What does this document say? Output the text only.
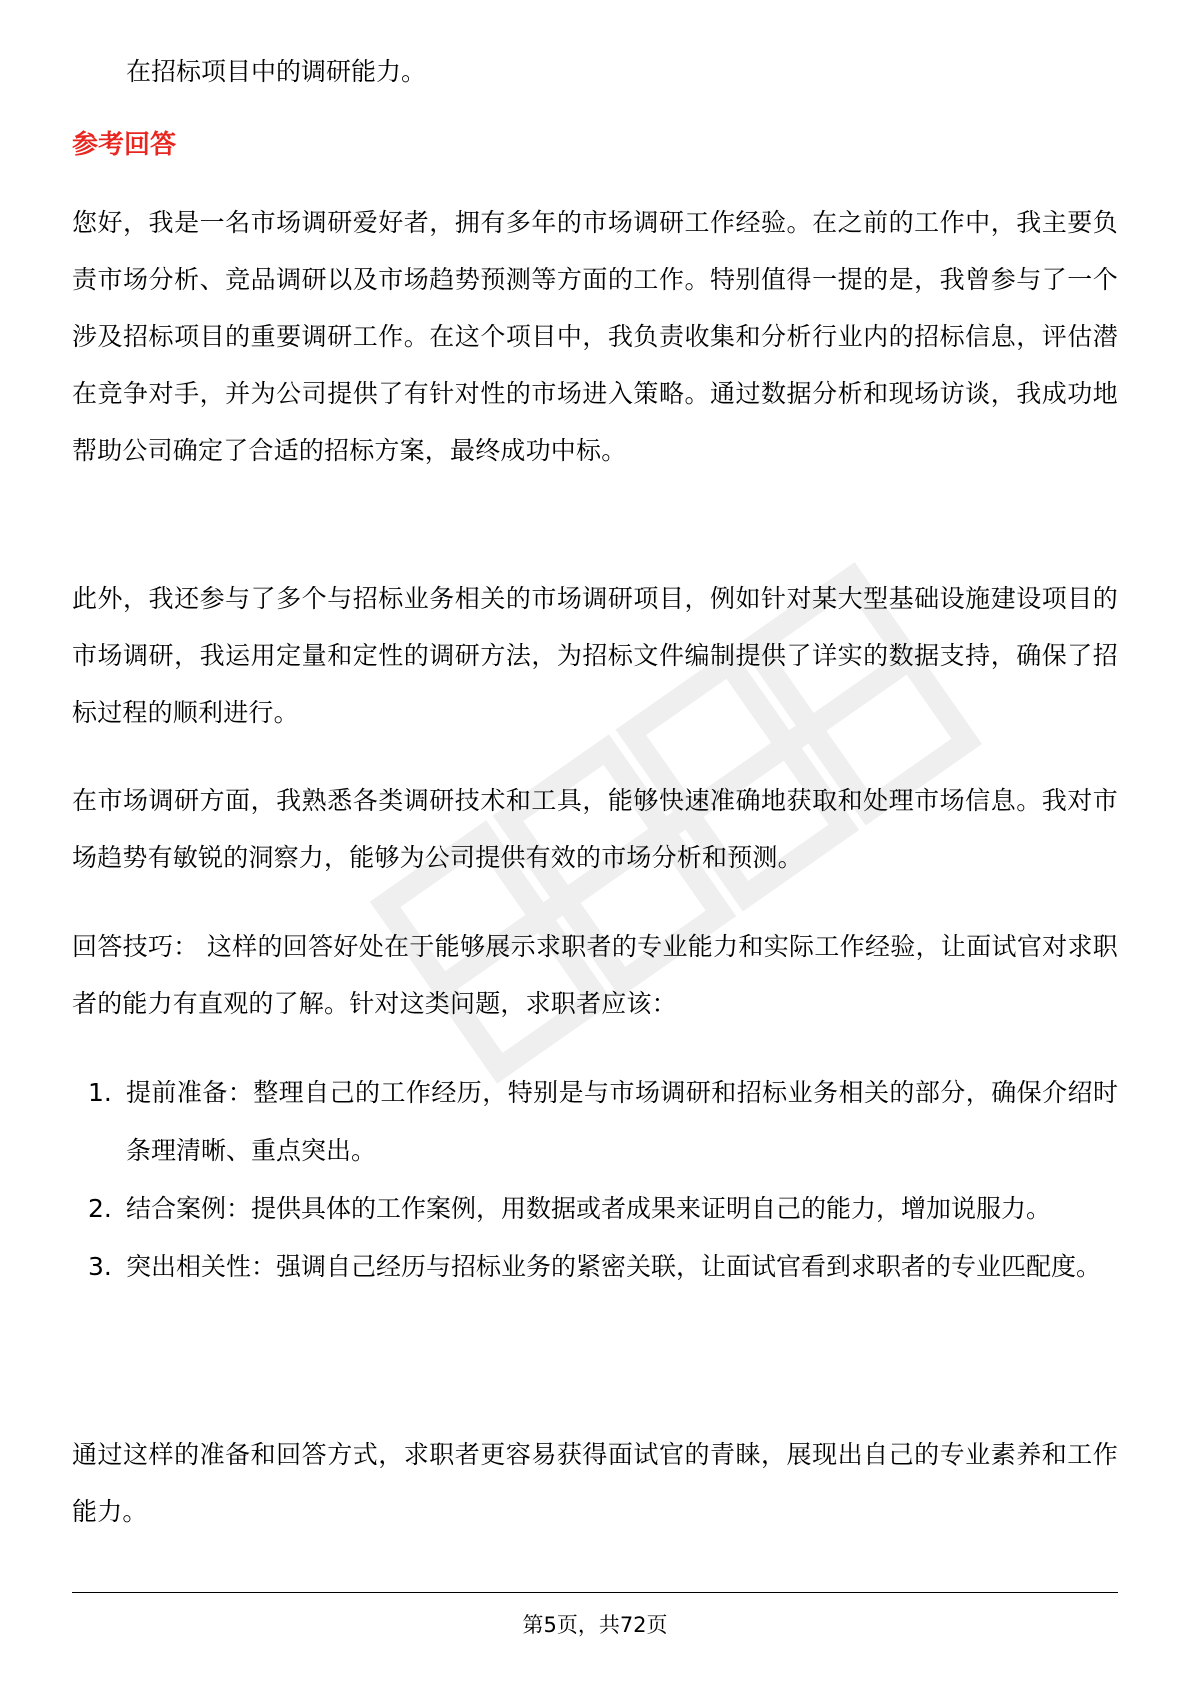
在招标项目中的调研能力。
参考回答
您好，我是一名市场调研爱好者，拥有多年的市场调研工作经验。在之前的工作中，我主要负责市场分析、竞品调研以及市场趋势预测等方面的工作。特别值得一提的是，我曾参与了一个涉及招标项目的重要调研工作。在这个项目中，我负责收集和分析行业内的招标信息，评估潜在竞争对手，并为公司提供了有针对性的市场进入策略。通过数据分析和现场访谈，我成功地帮助公司确定了合适的招标方案，最终成功中标。
此外，我还参与了多个与招标业务相关的市场调研项目，例如针对某大型基础设施建设项目的市场调研，我运用定量和定性的调研方法，为招标文件编制提供了详实的数据支持，确保了招标过程的顺利进行。
在市场调研方面，我熟悉各类调研技术和工具，能够快速准确地获取和处理市场信息。我对市场趋势有敏锐的洞察力，能够为公司提供有效的市场分析和预测。
回答技巧： 这样的回答好处在于能够展示求职者的专业能力和实际工作经验，让面试官对求职者的能力有直观的了解。针对这类问题，求职者应该：
1. 提前准备：整理自己的工作经历，特别是与市场调研和招标业务相关的部分，确保介绍时条理清晰、重点突出。
2. 结合案例：提供具体的工作案例，用数据或者成果来证明自己的能力，增加说服力。
3. 突出相关性：强调自己经历与招标业务的紧密关联，让面试官看到求职者的专业匹配度。
通过这样的准备和回答方式，求职者更容易获得面试官的青睐，展现出自己的专业素养和工作能力。
第5页，共72页
